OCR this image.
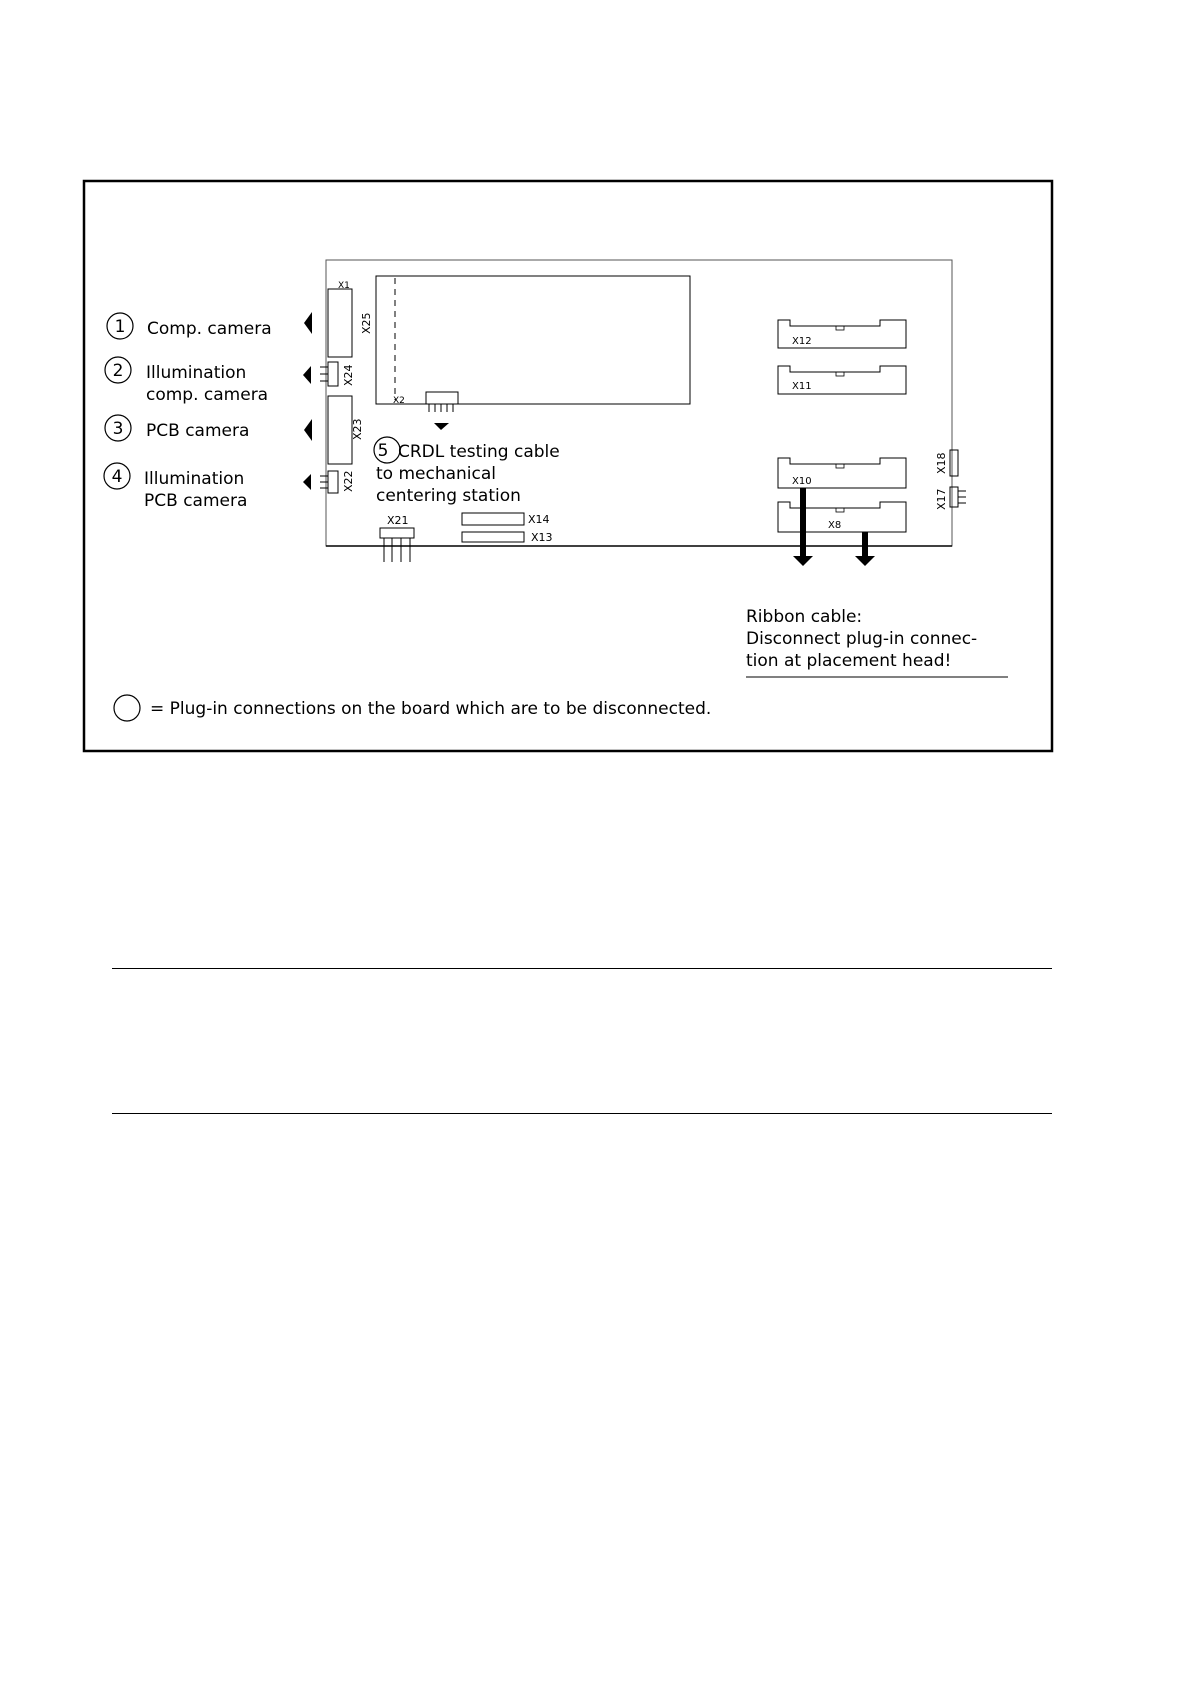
X2
X1
X25
X24
X23
X22
1
2
3
4
5
Comp. camera
Illumination
comp. camera
PCB camera
Illumination
PCB camera
CRDL testing cable
to mechanical
centering station
X21	X14
X13
X12
X11
X10
X8
X18
X17
Ribbon cable:
Disconnect plug-in connec-
tion at placement head!
= Plug-in connections on the board which are to be disconnected.
